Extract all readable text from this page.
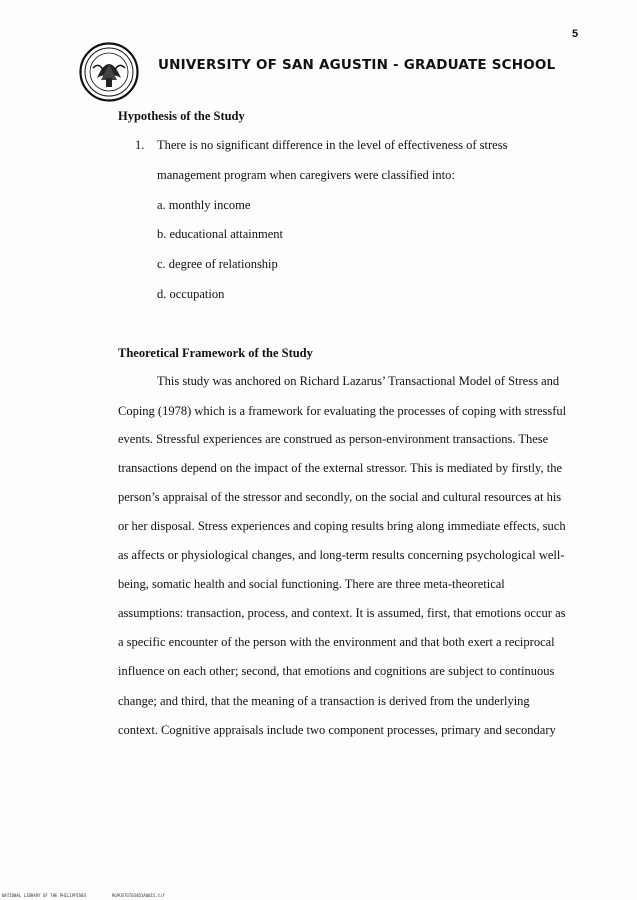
5
UNIVERSITY OF SAN AGUSTIN - GRADUATE SCHOOL
Hypothesis of the Study
1. There is no significant difference in the level of effectiveness of stress
management program when caregivers were classified into:
a. monthly income
b. educational attainment
c. degree of relationship
d. occupation
Theoretical Framework of the Study
This study was anchored on Richard Lazarus’ Transactional Model of Stress and
Coping (1978) which is a framework for evaluating the processes of coping with stressful
events. Stressful experiences are construed as person-environment transactions. These
transactions depend on the impact of the external stressor. This is mediated by firstly, the
person’s appraisal of the stressor and secondly, on the social and cultural resources at his
or her disposal. Stress experiences and coping results bring along immediate effects, such
as affects or physiological changes, and long-term results concerning psychological well-
being, somatic health and social functioning. There are three meta-theoretical
assumptions: transaction, process, and context. It is assumed, first, that emotions occur as
a specific encounter of the person with the environment and that both exert a reciprocal
influence on each other; second, that emotions and cognitions are subject to continuous
change; and third, that the meaning of a transaction is derived from the underlying
context. Cognitive appraisals include two component processes, primary and secondary
NATIONAL LIBRARY OF THE PHILIPPINES	RGPUSTGT034D1A0015.tif
